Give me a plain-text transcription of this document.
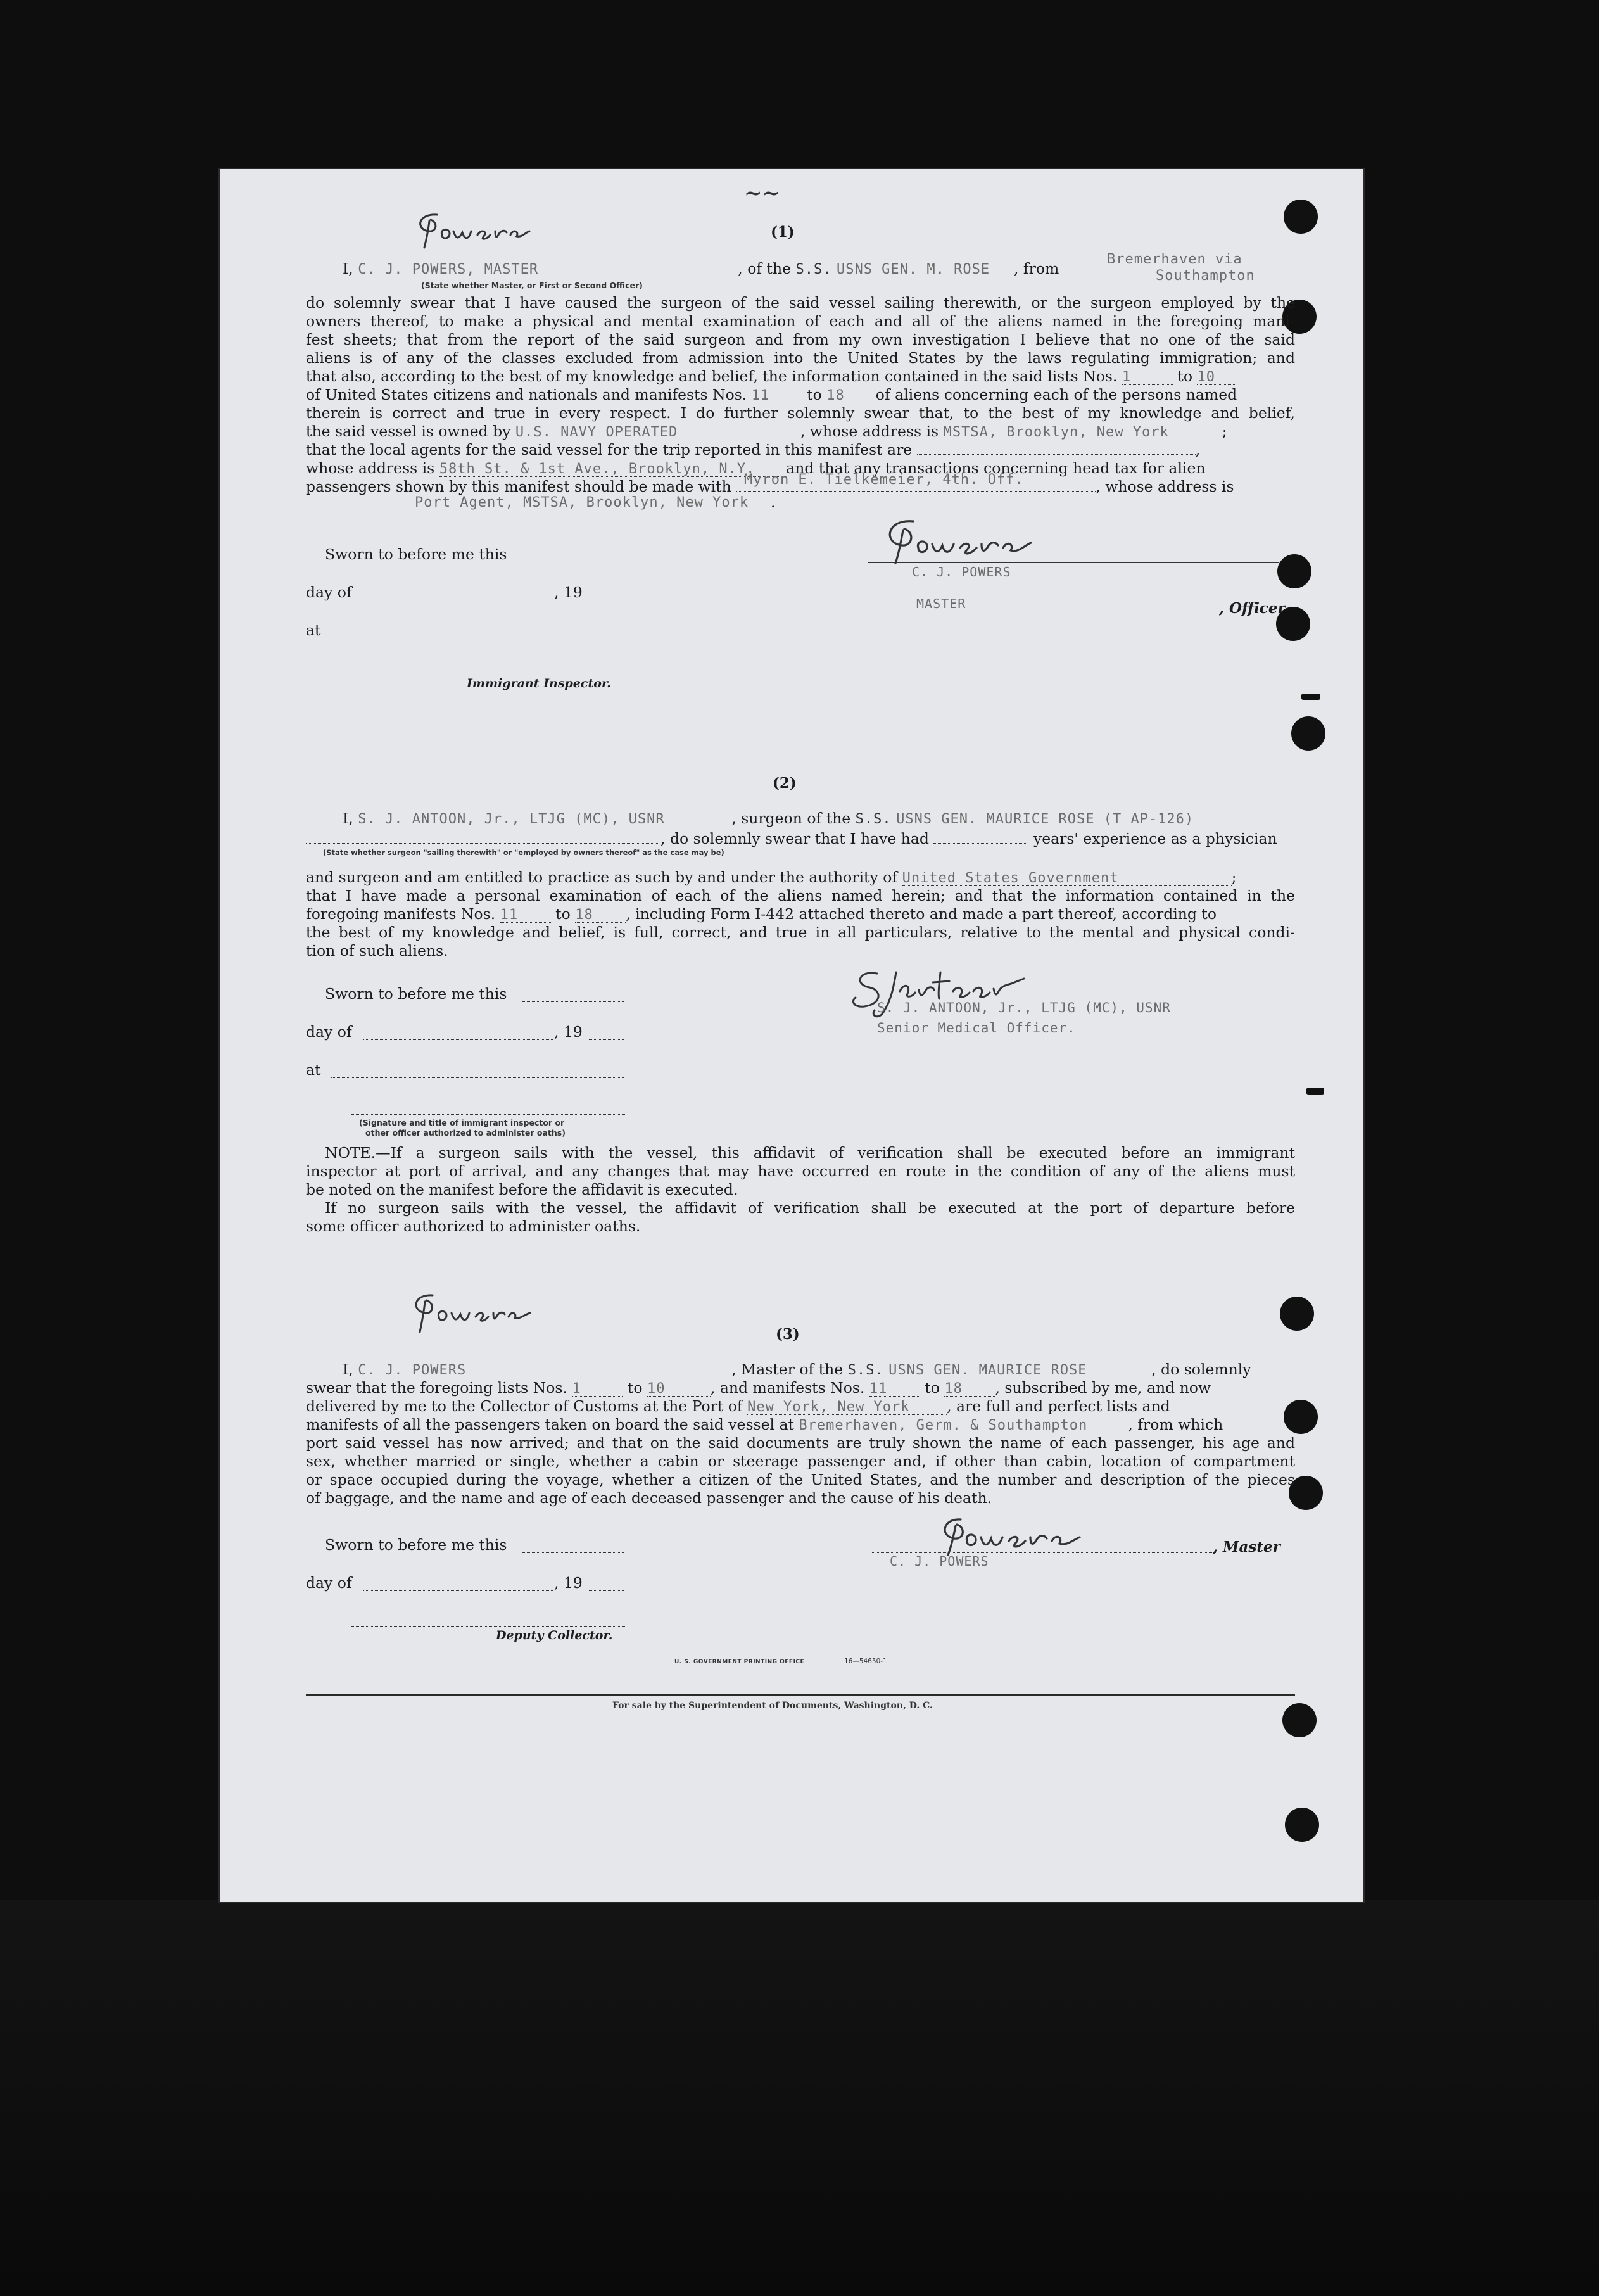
~~
(1)
I, C. J. POWERS, MASTER	, of the S.S. USNS GEN. M. ROSE , from
Bremerhaven via
Southampton
(State whether Master, or First or Second Officer)
do solemnly swear that I have caused the surgeon of the said vessel sailing therewith, or the surgeon employed by the
owners thereof, to make a physical and mental examination of each and all of the aliens named in the foregoing mani-
fest sheets; that from the report of the said surgeon and from my own investigation I believe that no one of the said
aliens is of any of the classes excluded from admission into the United States by the laws regulating immigration; and
that also, according to the best of my knowledge and belief, the information contained in the said lists Nos. 1	to 10
of United States citizens and nationals and manifests Nos. 11	to 18 of aliens concerning each of the persons named
therein is correct and true in every respect. I do further solemnly swear that, to the best of my knowledge and belief,
the said vessel is owned by U.S. NAVY OPERATED	, whose address is MSTSA, Brooklyn, New York	;
that the local agents for the said vessel for the trip reported in this manifest are	,
whose address is 58th St. & 1st Ave., Brooklyn, N.Y. and that any transactions concerning head tax for alien
Myron E. Tielkemeier, 4th. Off.
passengers shown by this manifest should be made with	, whose address is
Port Agent, MSTSA, Brooklyn, New York .
Sworn to before me this
day of	, 19
at
Immigrant Inspector.
C. J. POWERS
MASTER	, Officer
(2)
I, S. J. ANTOON, Jr., LTJG (MC), USNR	, surgeon of the S.S. USNS GEN. MAURICE ROSE (T AP-126)
, do solemnly swear that I have had	years' experience as a physician
(State whether surgeon "sailing therewith" or "employed by owners thereof" as the case may be)
and surgeon and am entitled to practice as such by and under the authority of United States Government	;
that I have made a personal examination of each of the aliens named herein; and that the information contained in the
foregoing manifests Nos. 11	to 18 , including Form I-442 attached thereto and made a part thereof, according to
the best of my knowledge and belief, is full, correct, and true in all particulars, relative to the mental and physical condi-
tion of such aliens.
Sworn to before me this
day of	, 19
at
(Signature and title of immigrant inspector or
other officer authorized to administer oaths)
S. J. ANTOON, Jr., LTJG (MC), USNR
Senior Medical Officer.
NOTE.—If a surgeon sails with the vessel, this affidavit of verification shall be executed before an immigrant
inspector at port of arrival, and any changes that may have occurred en route in the condition of any of the aliens must
be noted on the manifest before the affidavit is executed.
If no surgeon sails with the vessel, the affidavit of verification shall be executed at the port of departure before
some officer authorized to administer oaths.
(3)
I, C. J. POWERS	, Master of the S.S. USNS GEN. MAURICE ROSE	, do solemnly
swear that the foregoing lists Nos. 1	to 10	, and manifests Nos. 11	to 18 , subscribed by me, and now
delivered by me to the Collector of Customs at the Port of New York, New York , are full and perfect lists and
manifests of all the passengers taken on board the said vessel at Bremerhaven, Germ. & Southampton	, from which
port said vessel has now arrived; and that on the said documents are truly shown the name of each passenger, his age and
sex, whether married or single, whether a cabin or steerage passenger and, if other than cabin, location of compartment
or space occupied during the voyage, whether a citizen of the United States, and the number and description of the pieces
of baggage, and the name and age of each deceased passenger and the cause of his death.
Sworn to before me this
day of	, 19
Deputy Collector.
, Master
C. J. POWERS
U. S. GOVERNMENT PRINTING OFFICE	16—54650-1
For sale by the Superintendent of Documents, Washington, D. C.
